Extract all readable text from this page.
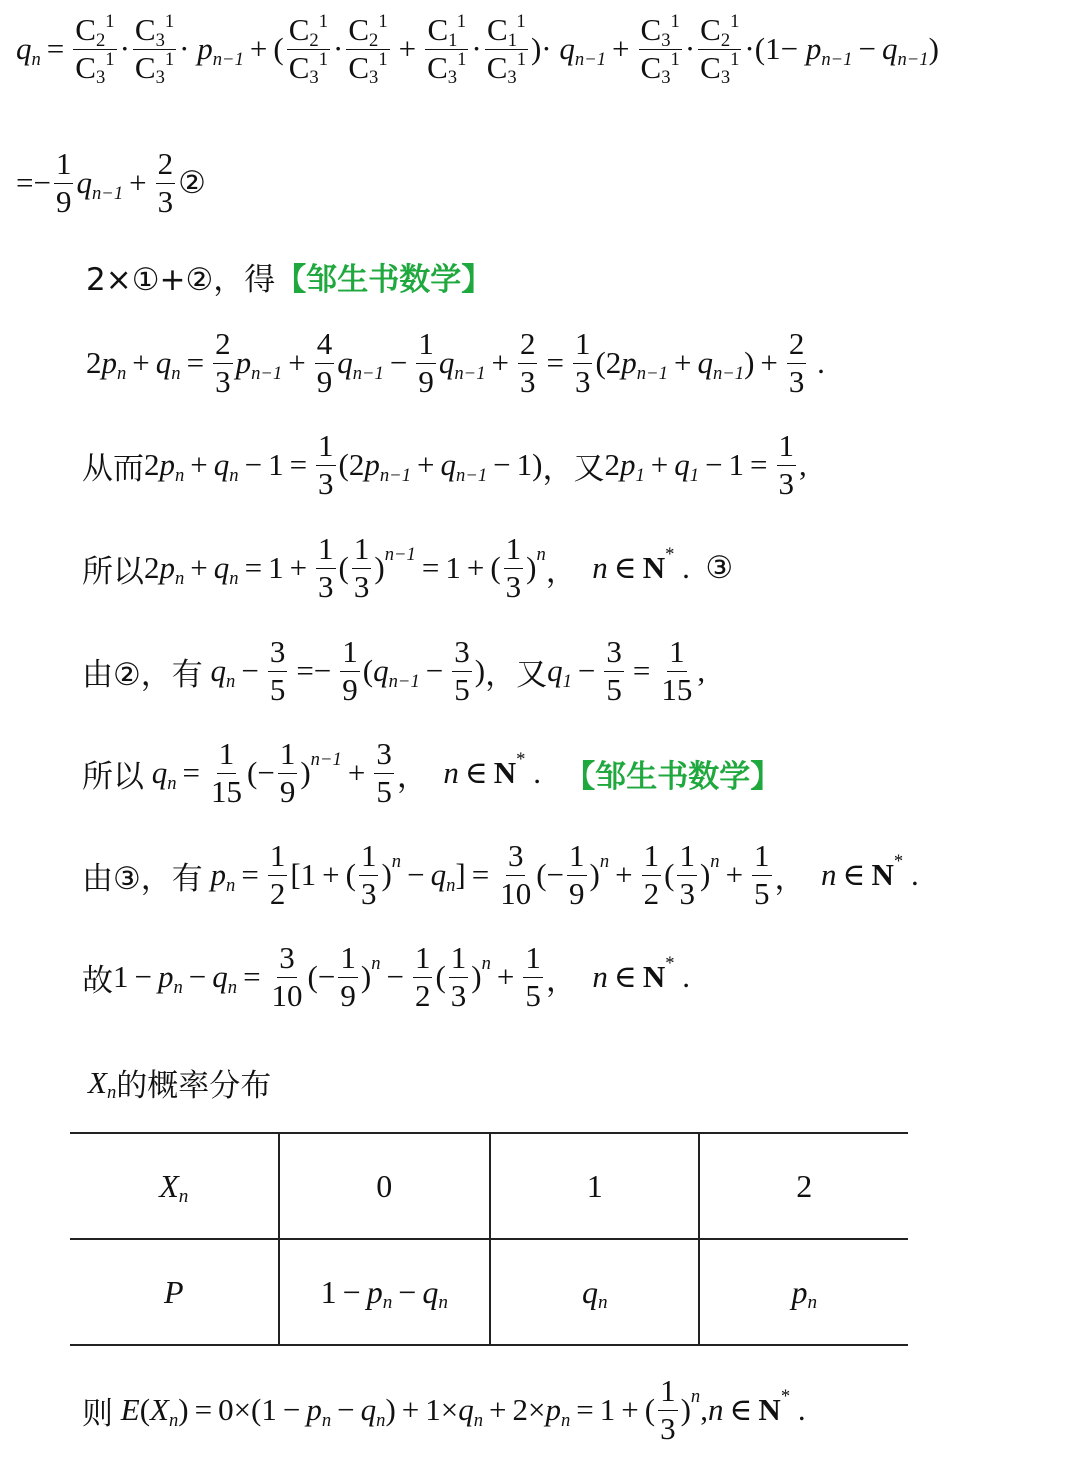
$q_n = \frac{C_2^1}{C_3^1} \cdot \frac{C_3^1}{C_3^1} \cdot p_{n-1}$ + ( $\frac{C_2^1}{C_3^1} \cdot \frac{C_2^1}{C_3^1} + \frac{C_1^1}{C_3^1} \cdot \frac{C_1^1}{C_3^1}$ )· $q_{n-1} + \frac{C_3^1}{C_3^1} \cdot \frac{C_2^1}{C_3^1} \cdot(1- p_{n-1} - q_{n-1}$ )
=− $\frac{1}{9} q_{n-1} + \frac{2}{3}$ ②
2×①+②，得 【邹生书数学】
2 $p_n + q_n = \frac{2}{3} p_{n-1} + \frac{4}{9} q_{n-1} - \frac{1}{9} q_{n-1} + \frac{2}{3} = \frac{1}{3} (2$ $p_{n-1} + q_{n-1}$ ) + $\frac{2}{3}$ .
从而 2 $p_n + q_n - 1 = \frac{1}{3} (2$ $p_{n-1} + q_{n-1} - 1$) ，又 2 $p_1 + q_1 - 1 = \frac{1}{3}$ ,
所以 2 $p_n + q_n = 1 + \frac{1}{3}$ ( $\frac{1}{3} )^{n-1} = 1$ + ( $\frac{1}{3} )^n$ ，
n ∈ N* . ③
由②，有 $q_n - \frac{3}{5} =- \frac{1}{9}$ ( $q_{n-1} - \frac{3}{5}$ ) ，又 $q_1 - \frac{3}{5} = \frac{1}{15}$ ,
所以 $q_n = \frac{1}{15}$ (− $\frac{1}{9} )^{n-1} + \frac{3}{5}$ ，
n ∈ N* . 【邹生书数学】
由③，有 $p_n = \frac{1}{2} [1$ + ( $\frac{1}{3} )^n - q_n$ ] = $\frac{3}{10}$ (− $\frac{1}{9} )^n + \frac{1}{2}$ ( $\frac{1}{3} )^n + \frac{1}{5}$ ，
n ∈ N* .
故 $1 - p_n - q_n = \frac{3}{10}$ (− $\frac{1}{9} )^n - \frac{1}{2}$ ( $\frac{1}{3} )^n + \frac{1}{5}$ ，
n ∈ N* .
$X_n$ 的概率分布
$X_n$	0	1	2
P	$1 - p_n - q_n$	$q_n$	$p_n$
则 E ( $X_n$ ) = $0\times(1 - p_n - q_n$ ) + $1\times q_n + 2\times p_n = 1$ + ( $\frac{1}{3} )^n$ , n ∈ N* .
